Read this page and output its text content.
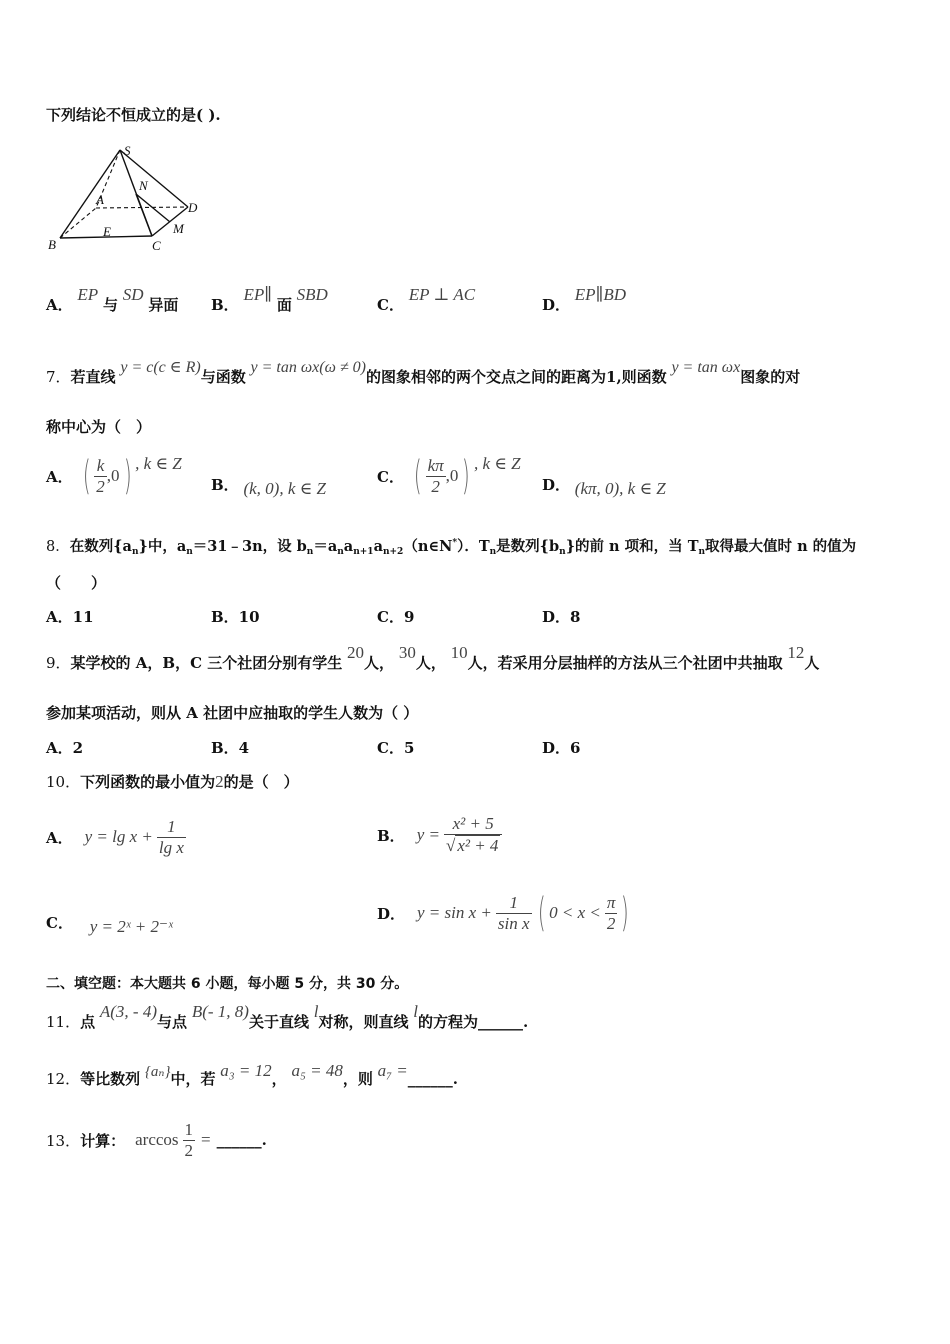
下列结论不恒成立的是( ).
S
N
A
D
E	M
B	C
A． EP 与 SD 异面 B． EP∥ 面 SBD
C． EP ⊥ AC
D． EP∥BD
7．若直线 y = c(c ∈ R)与函数 y = tan ωx(ω ≠ 0)的图象相邻的两个交点之间的距离为1,则函数 y = tan ωx图象的对
称中心为（　）
A． ( $\frac{k}{2} ,0$ ) , k ∈ Z
B． (k, 0), k ∈ Z
C． ( $\frac{k\pi}{2} ,0$ ) , k ∈ Z
D． (kπ, 0), k ∈ Z
8．在数列$\{a_n\}$中，$a_n=31﹣3n$，设 $b_n=a_na_{n+1}a_{n+2}(n\in N^*)$．$T_n$是数列$\{b_n\}$的前 n 项和，当 $T_n$取得最大值时 n 的值为
（　　）
A．11	B．10	C．9	D．8
9．某学校的 A，B，C 三个社团分别有学生 20人， 30人， 10人，若采用分层抽样的方法从三个社团中共抽取 12人
参加某项活动，则从 A 社团中应抽取的学生人数为（ ）
A．2	B．4	C．5	D．6
10．下列函数的最小值为2的是（　）
A． $y = \lg x + \frac{1}{\text{lg x}}$	B． $y = \frac{\text{x² + 5}}{\text{√ x² + 4}}$
C． y = 2ˣ + 2⁻ˣ
D． $y = \sin x + \frac{1}{\text{sin x}}$ ( $0 < x < \frac{\pi}{2}$ )
二、填空题：本大题共 6 小题，每小题 5 分，共 30 分。
11．点 A(3, - 4)与点 B(- 1, 8)关于直线 l对称，则直线 l的方程为______.
12．等比数列 {aₙ}中，若 a₃ = 12， a₅ = 48，则 a₇ =______.
13． 计算： $\arccos \frac{1}{2}$ = ______.
